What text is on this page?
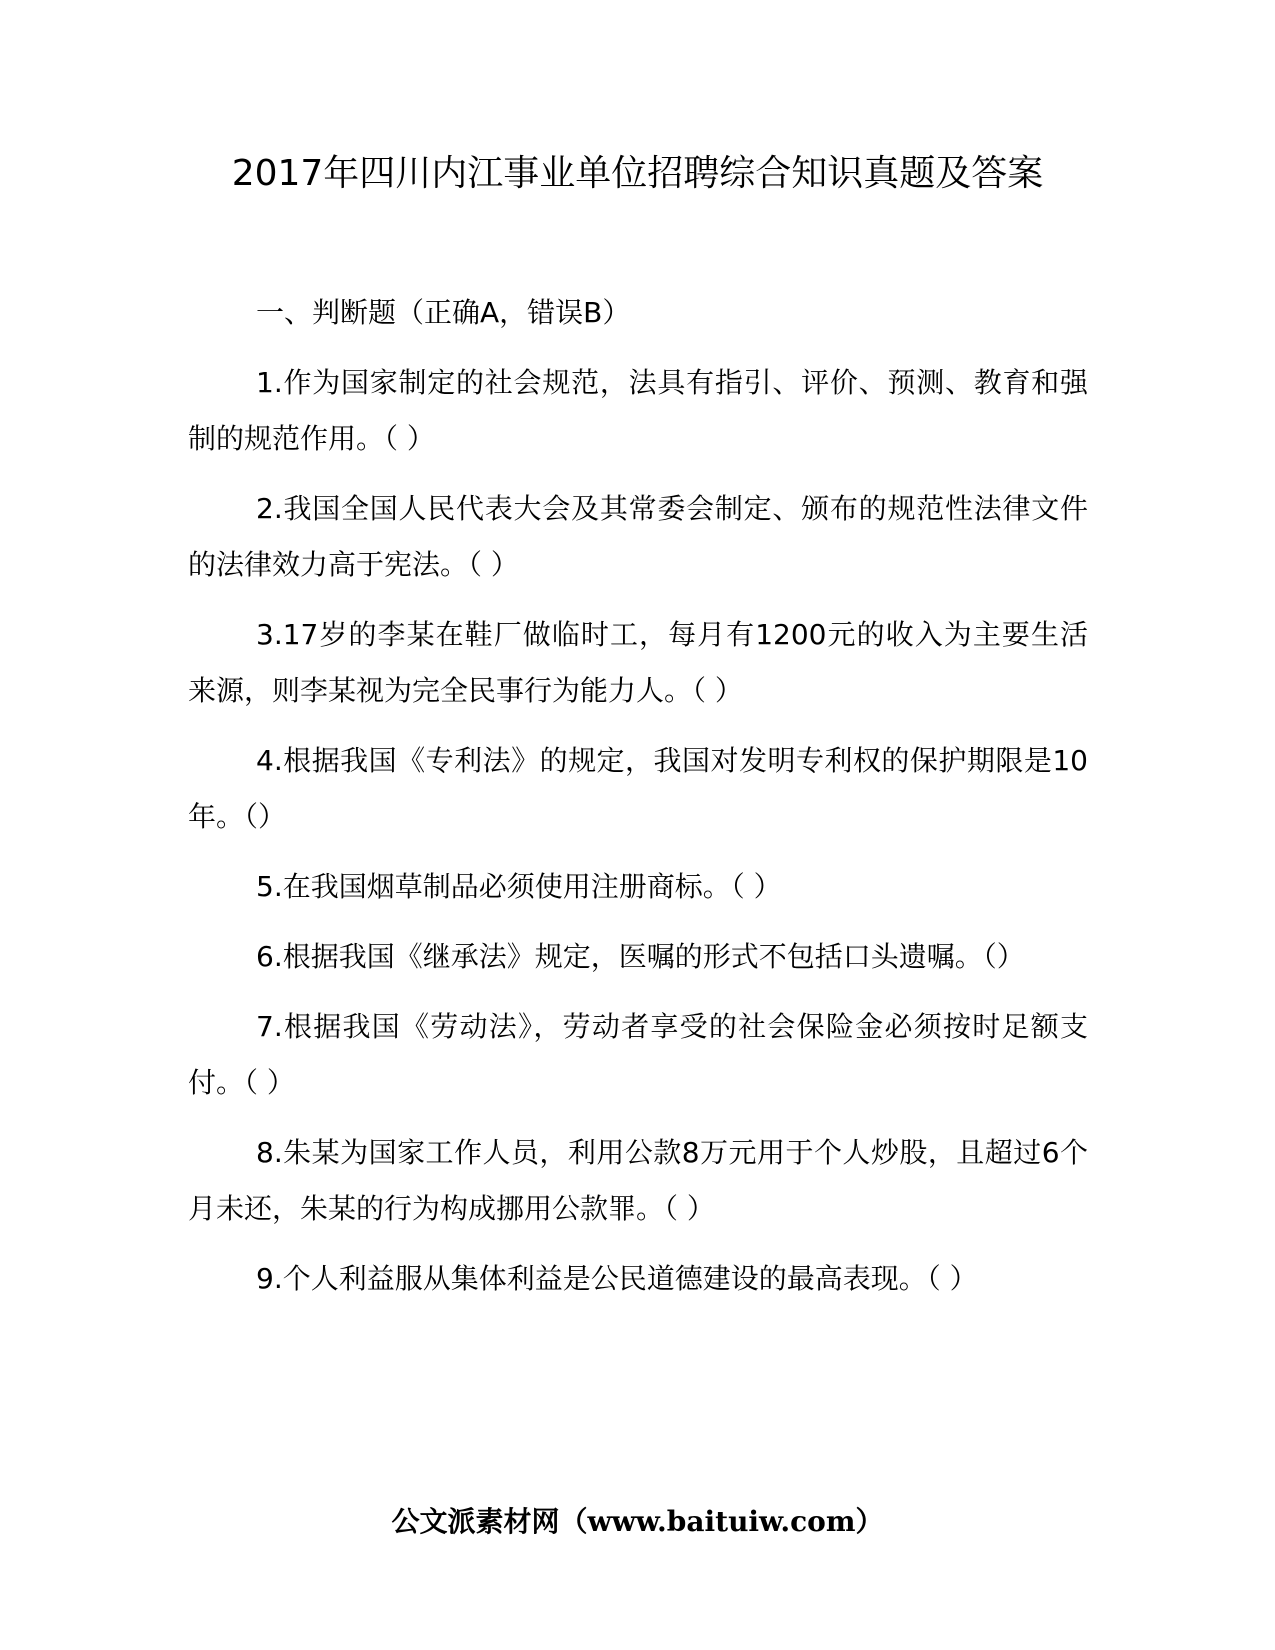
2017年四川内江事业单位招聘综合知识真题及答案

一、判断题（正确A，错误B）

1.作为国家制定的社会规范，法具有指引、评价、预测、教育和强制的规范作用。（ ）

2.我国全国人民代表大会及其常委会制定、颁布的规范性法律文件的法律效力高于宪法。（ ）

3.17岁的李某在鞋厂做临时工，每月有1200元的收入为主要生活来源，则李某视为完全民事行为能力人。（ ）

4.根据我国《专利法》的规定，我国对发明专利权的保护期限是10年。（）

5.在我国烟草制品必须使用注册商标。（ ）

6.根据我国《继承法》规定，医嘱的形式不包括口头遗嘱。（）

7.根据我国《劳动法》，劳动者享受的社会保险金必须按时足额支付。（ ）

8.朱某为国家工作人员，利用公款8万元用于个人炒股，且超过6个月未还，朱某的行为构成挪用公款罪。（ ）

9.个人利益服从集体利益是公民道德建设的最高表现。（ ）

公文派素材网（www.baituiw.com）
